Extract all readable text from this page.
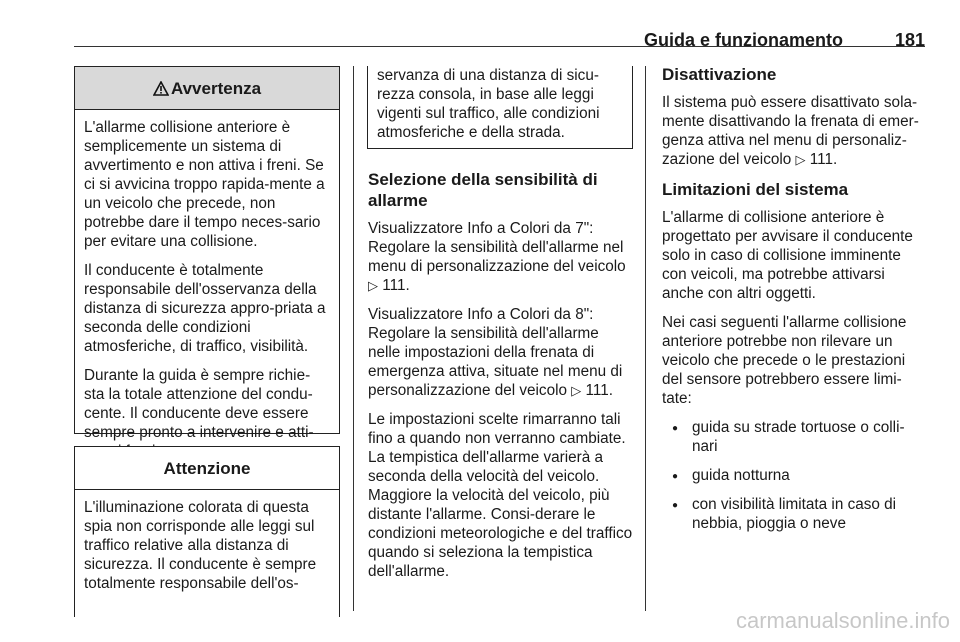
Guida e funzionamento	181
Avvertenza

L'allarme collisione anteriore è semplicemente un sistema di avvertimento e non attiva i freni. Se ci si avvicina troppo rapida-mente a un veicolo che precede, non potrebbe dare il tempo neces-sario per evitare una collisione.

Il conducente è totalmente responsabile dell'osservanza della distanza di sicurezza appro-priata a seconda delle condizioni atmosferiche, di traffico, visibilità.

Durante la guida è sempre richie-sta la totale attenzione del condu-cente. Il conducente deve essere sempre pronto a intervenire e atti-

Attenzione

L'illuminazione colorata di questa spia non corrisponde alle leggi sul traffico relative alla distanza di sicurezza. Il conducente è sempre totalmente responsabile dell'os-

servanza di una distanza di sicu-rezza consola, in base alle leggi vigenti sul traffico, alle condizioni atmosferiche e della strada.

Selezione della sensibilità di allarme

Visualizzatore Info a Colori da 7": Regolare la sensibilità dell'allarme nel menu di personalizzazione del veicolo ▷ 111.

Visualizzatore Info a Colori da 8": Regolare la sensibilità dell'allarme nelle impostazioni della frenata di emergenza attiva, situate nel menu di personalizzazione del veicolo ▷ 111.

Le impostazioni scelte rimarranno tali fino a quando non verranno cambiate. La tempistica dell'allarme varierà a seconda della velocità del veicolo. Maggiore la velocità del veicolo, più distante l'allarme. Consi-derare le condizioni meteorologiche e del traffico quando si seleziona la tempistica dell'allarme.

Disattivazione

Il sistema può essere disattivato sola-mente disattivando la frenata di emer-genza attiva nel menu di personaliz-zazione del veicolo ▷ 111.

Limitazioni del sistema

L'allarme di collisione anteriore è progettato per avvisare il conducente solo in caso di collisione imminente con veicoli, ma potrebbe attivarsi anche con altri oggetti.

Nei casi seguenti l'allarme collisione anteriore potrebbe non rilevare un veicolo che precede o le prestazioni del sensore potrebbero essere limi-tate:

● guida su strade tortuose o colli-nari
● guida notturna
● con visibilità limitata in caso di nebbia, pioggia o neve
carmanualsonline.info
